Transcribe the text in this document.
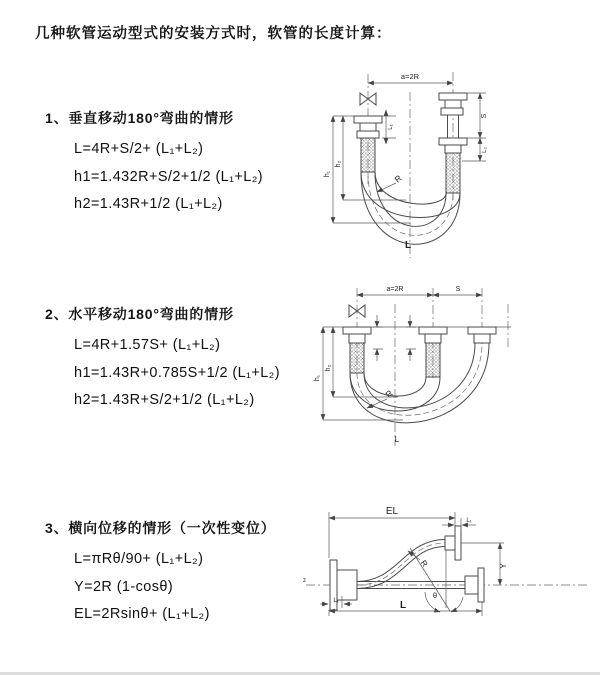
几种软管运动型式的安装方式时，软管的长度计算：
1、垂直移动180°弯曲的情形
L=4R+S/2+ (L₁+L₂)
h1=1.432R+S/2+1/2 (L₁+L₂)
h2=1.43R+1/2 (L₁+L₂)
2、水平移动180°弯曲的情形
L=4R+1.57S+ (L₁+L₂)
h1=1.43R+0.785S+1/2 (L₁+L₂)
h2=1.43R+S/2+1/2 (L₁+L₂)
3、横向位移的情形（一次性变位）
L=πRθ/90+ (L₁+L₂)
Y=2R (1-cosθ)
EL=2Rsinθ+ (L₁+L₂)
a=2R
h₁
h₂
L₁
S
L₂
R
L
a=2R	S
h₁
h₂
R
L
z
EL
L₁
Y
R
θ
L
L₁
